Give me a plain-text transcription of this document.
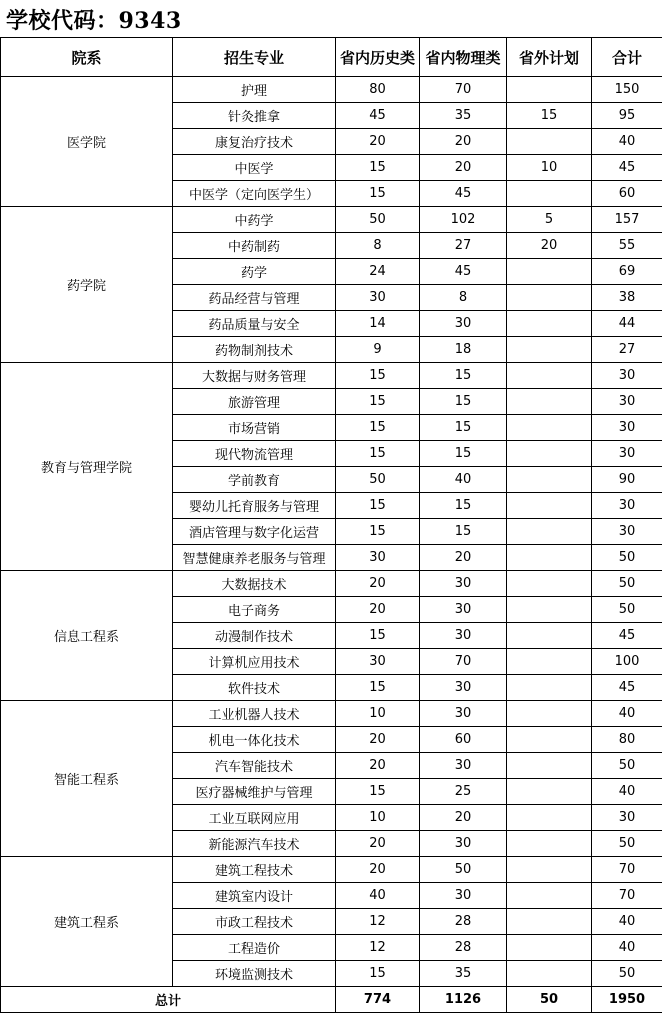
学校代码：9343
院系	招生专业	省内历史类	省内物理类	省外计划	合计
医学院	护理	80	70		150
	针灸推拿	45	35	15	95
	康复治疗技术	20	20		40
	中医学	15	20	10	45
	中医学（定向医学生）	15	45		60
药学院	中药学	50	102	5	157
	中药制药	8	27	20	55
	药学	24	45		69
	药品经营与管理	30	8		38
	药品质量与安全	14	30		44
	药物制剂技术	9	18		27
教育与管理学院	大数据与财务管理	15	15		30
	旅游管理	15	15		30
	市场营销	15	15		30
	现代物流管理	15	15		30
	学前教育	50	40		90
	婴幼儿托育服务与管理	15	15		30
	酒店管理与数字化运营	15	15		30
	智慧健康养老服务与管理	30	20		50
信息工程系	大数据技术	20	30		50
	电子商务	20	30		50
	动漫制作技术	15	30		45
	计算机应用技术	30	70		100
	软件技术	15	30		45
智能工程系	工业机器人技术	10	30		40
	机电一体化技术	20	60		80
	汽车智能技术	20	30		50
	医疗器械维护与管理	15	25		40
	工业互联网应用	10	20		30
	新能源汽车技术	20	30		50
建筑工程系	建筑工程技术	20	50		70
	建筑室内设计	40	30		70
	市政工程技术	12	28		40
	工程造价	12	28		40
	环境监测技术	15	35		50
总计		774	1126	50	1950
